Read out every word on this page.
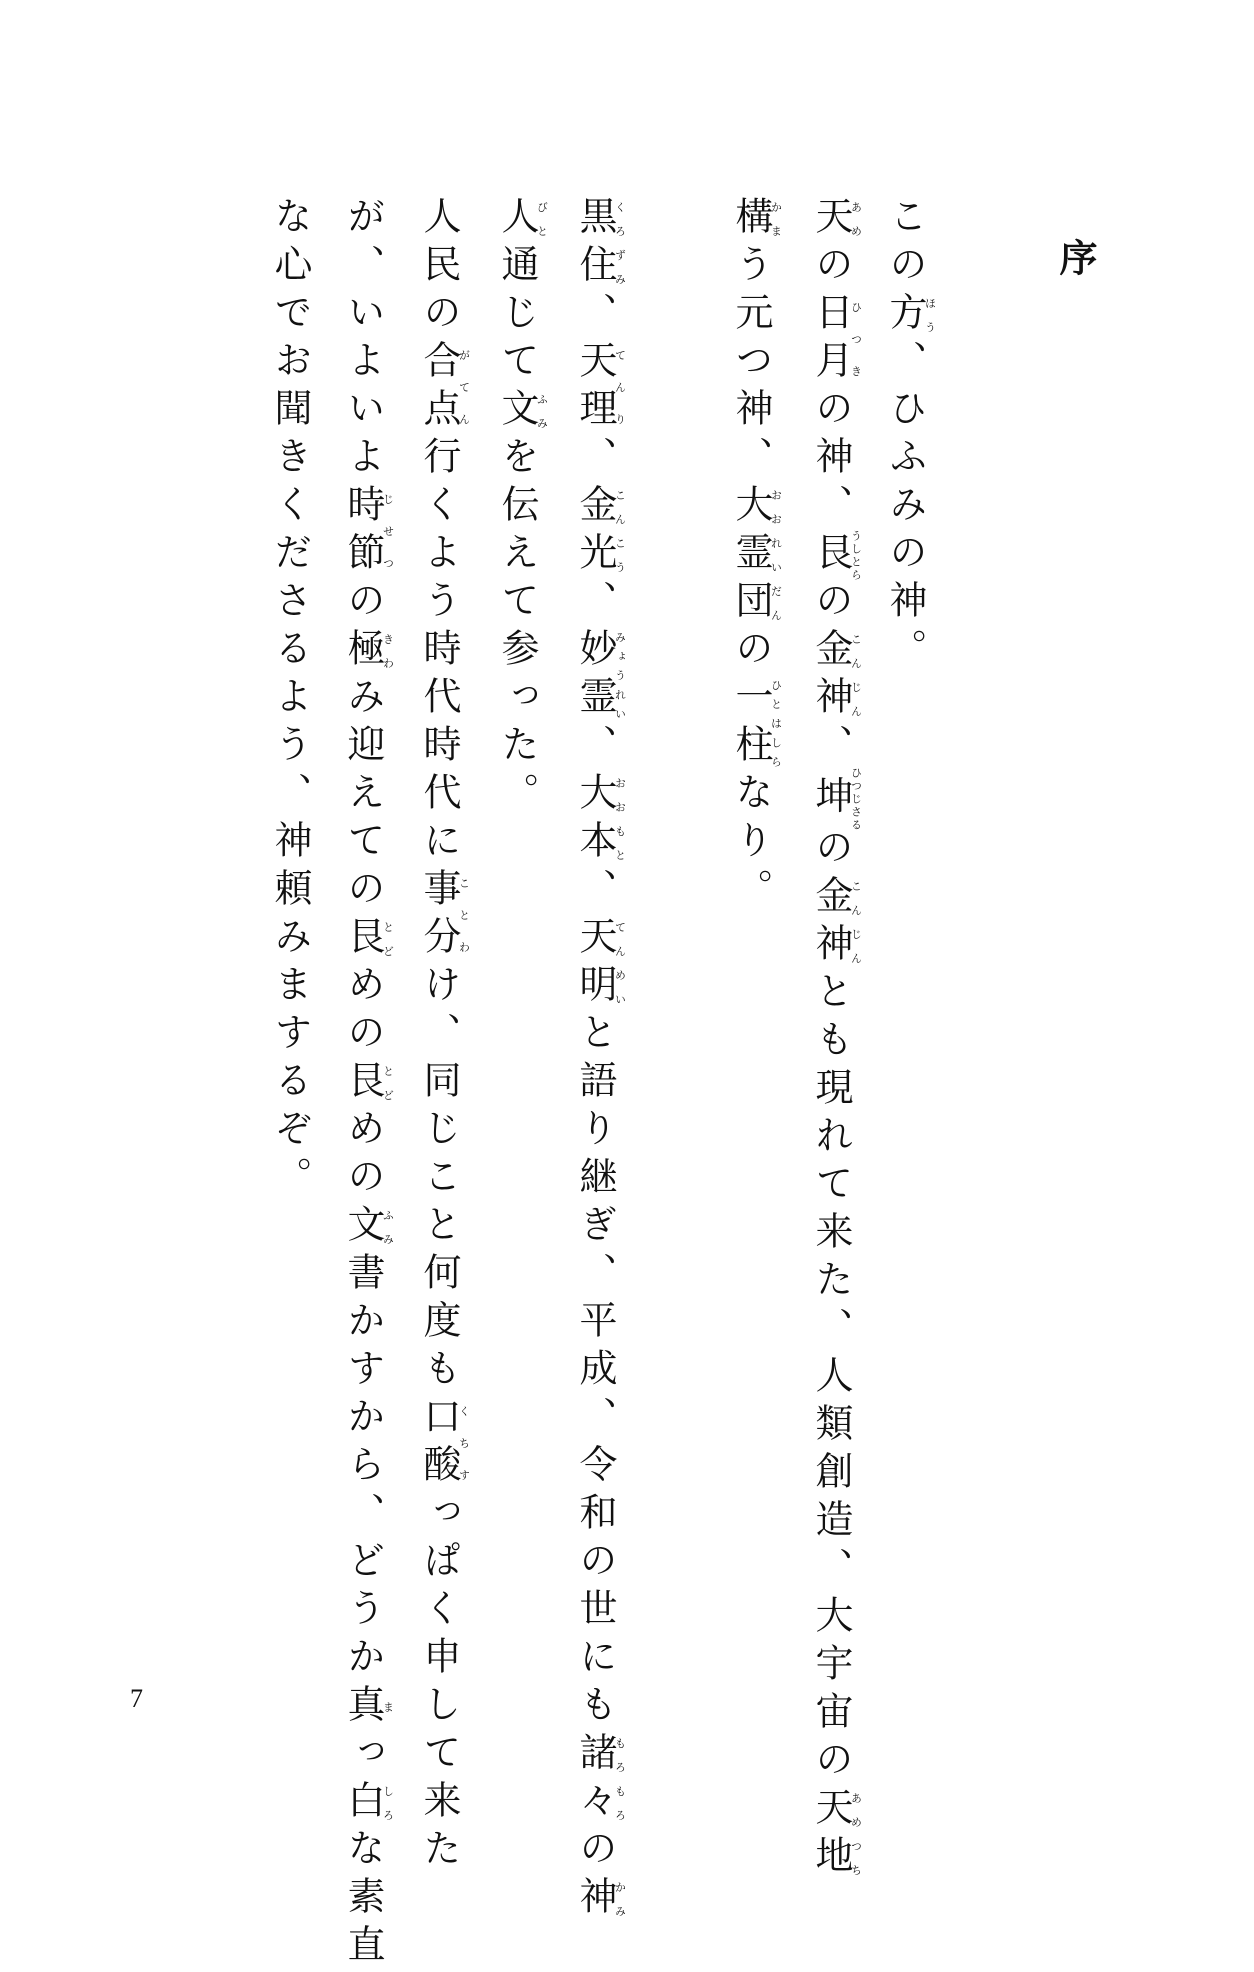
序
この方ほう、ひふみの神。
天あめの日月ひつきの神、艮うしとらの金神こんじん、坤ひつじさるの金神こんじんとも現れて来た、人類創造、大宇宙の天地あめつち
構かまう元つ神、大霊団おおれいだんの一柱ひとはしらなり。
黒住くろずみ、天理てんり、金光こんこう、妙霊みょうれい、大本おおもと、天明てんめいと語り継ぎ、平成、令和の世にも諸々もろもろの神かみ
人びと通じて文ふみを伝えて参った。
人民の合点がてん行くよう時代時代に事分ことわけ、同じこと何度も口酸くちすっぱく申して来た
が、いよいよ時節じせつの極きわみ迎えての艮とどめの艮とどめの文ふみ書かすから、どうか真まっ白しろな素直
な心でお聞きくださるよう、神頼みまするぞ。
7
